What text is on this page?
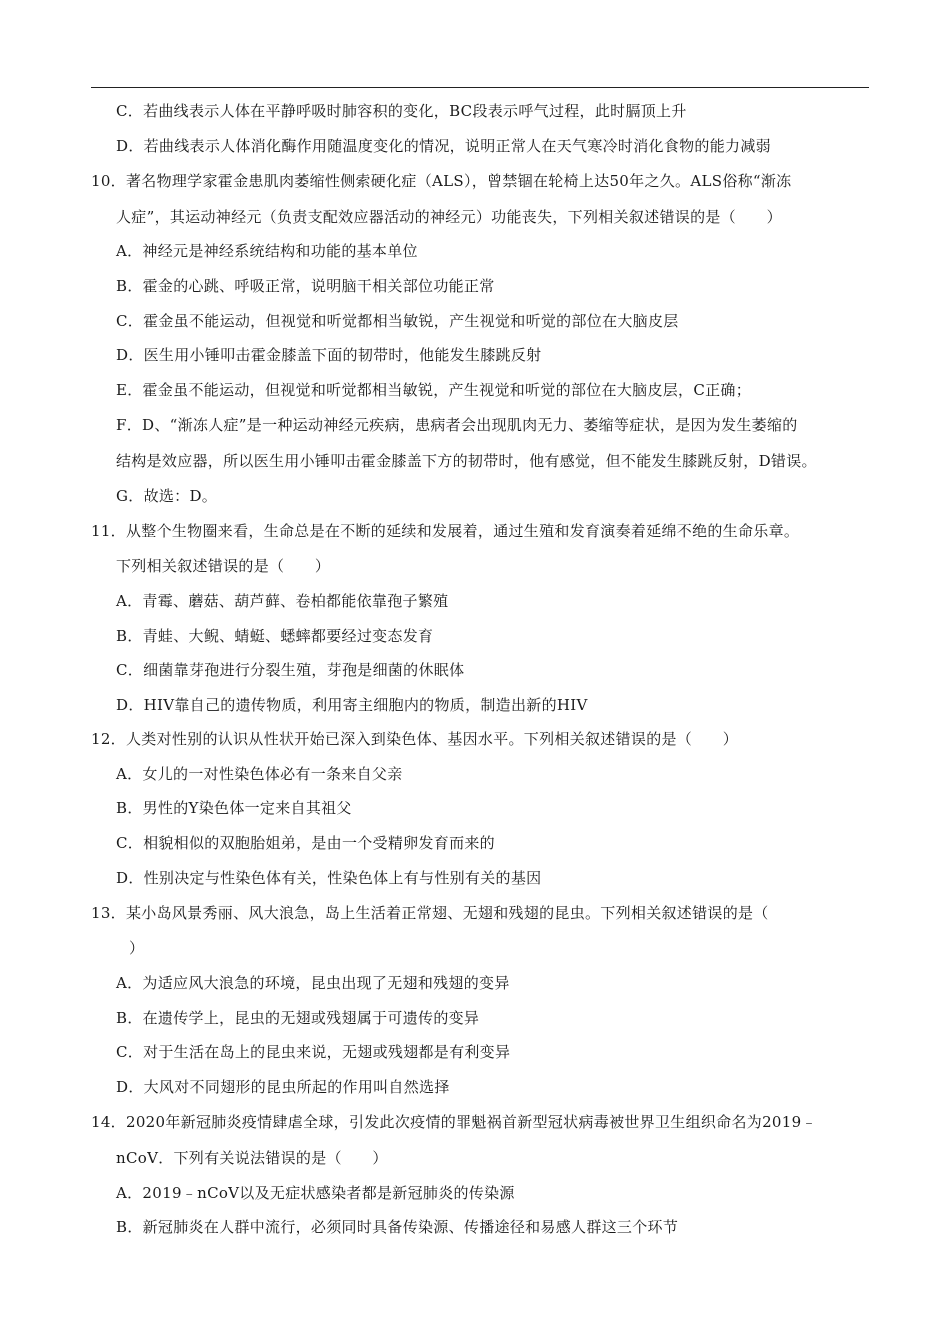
C．若曲线表示人体在平静呼吸时肺容积的变化，BC段表示呼气过程，此时膈顶上升
D．若曲线表示人体消化酶作用随温度变化的情况，说明正常人在天气寒冷时消化食物的能力减弱
10．著名物理学家霍金患肌肉萎缩性侧索硬化症（ALS），曾禁锢在轮椅上达50年之久。ALS俗称“渐冻
人症”，其运动神经元（负责支配效应器活动的神经元）功能丧失，下列相关叙述错误的是（　　）
A．神经元是神经系统结构和功能的基本单位
B．霍金的心跳、呼吸正常，说明脑干相关部位功能正常
C．霍金虽不能运动，但视觉和听觉都相当敏锐，产生视觉和听觉的部位在大脑皮层
D．医生用小锤叩击霍金膝盖下面的韧带时，他能发生膝跳反射
E．霍金虽不能运动，但视觉和听觉都相当敏锐，产生视觉和听觉的部位在大脑皮层，C正确；
F．D、“渐冻人症”是一种运动神经元疾病，患病者会出现肌肉无力、萎缩等症状，是因为发生萎缩的
结构是效应器，所以医生用小锤叩击霍金膝盖下方的韧带时，他有感觉，但不能发生膝跳反射，D错误。
G．故选：D。
11．从整个生物圈来看，生命总是在不断的延续和发展着，通过生殖和发育演奏着延绵不绝的生命乐章。
下列相关叙述错误的是（　　）
A．青霉、蘑菇、葫芦藓、卷柏都能依靠孢子繁殖
B．青蛙、大鲵、蜻蜓、蟋蟀都要经过变态发育
C．细菌靠芽孢进行分裂生殖，芽孢是细菌的休眠体
D．HIV靠自己的遗传物质，利用寄主细胞内的物质，制造出新的HIV
12．人类对性别的认识从性状开始已深入到染色体、基因水平。下列相关叙述错误的是（　　）
A．女儿的一对性染色体必有一条来自父亲
B．男性的Y染色体一定来自其祖父
C．相貌相似的双胞胎姐弟，是由一个受精卵发育而来的
D．性别决定与性染色体有关，性染色体上有与性别有关的基因
13．某小岛风景秀丽、风大浪急，岛上生活着正常翅、无翅和残翅的昆虫。下列相关叙述错误的是（
）
A．为适应风大浪急的环境，昆虫出现了无翅和残翅的变异
B．在遗传学上，昆虫的无翅或残翅属于可遗传的变异
C．对于生活在岛上的昆虫来说，无翅或残翅都是有利变异
D．大风对不同翅形的昆虫所起的作用叫自然选择
14．2020年新冠肺炎疫情肆虐全球，引发此次疫情的罪魁祸首新型冠状病毒被世界卫生组织命名为2019﹣
nCoV．下列有关说法错误的是（　　）
A．2019﹣nCoV以及无症状感染者都是新冠肺炎的传染源
B．新冠肺炎在人群中流行，必须同时具备传染源、传播途径和易感人群这三个环节
